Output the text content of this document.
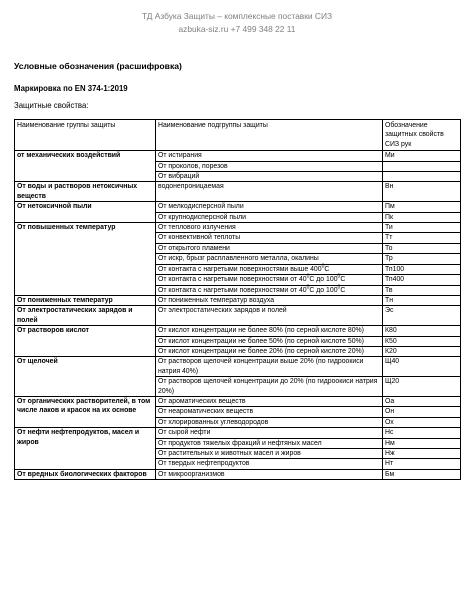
ТД Азбука Защиты – комплексные поставки СИЗ
azbuka-siz.ru +7 499 348 22 11
Условные обозначения (расшифровка)
Маркировка по EN 374-1:2019
Защитные свойства:
Наименование группы защиты	Наименование подгруппы защиты	Обозначение защитных свойств СИЗ рук
от механических воздействий	От истирания	Ми
	От проколов, порезов	
	От вибраций	
От воды и растворов нетоксичных веществ	водонепроницаемая	Вн
От нетоксичной пыли	От мелкодисперсной пыли	Пм
	От крупнодисперсной пыли	Пк
От повышенных температур	От теплового излучения	Ти
	От конвективной теплоты	Тт
	От открытого пламени	То
	От искр, брызг расплавленного металла, окалины	Тр
	От контакта с нагретыми поверхностями выше $400^0С$	Тп100
	От контакта с нагретыми поверхностями от $40^0С$ до $100^0С$	Тп400
	От контакта с нагретыми поверхностями от $40^0С$ до $100^0С$	Тв
От пониженных температур	От пониженных температур воздуха	Тн
От электростатических зарядов и полей	От электростатических зарядов и полей	Эс
От растворов кислот	От кислот концентрации не более 80% (по серной кислоте 80%)	К80
	От кислот концентрации не более 50% (по серной кислоте 50%)	К50
	От кислот концентрации не более 20% (по серной кислоте 20%)	К20
От щелочей	От растворов щелочей концентрации выше 20% (по гидроокиси натрия 40%)	Щ40
	От растворов щелочей концентрации до 20% (по гидроокиси натрия 20%)	Щ20
От органических растворителей, в том числе лаков и красок на их основе	От ароматических веществ	Оа
	От неароматических веществ	Он
	От хлорированных углеводородов	Ох
От нефти нефтепродуктов, масел и жиров	От сырой нефти	Нс
	От продуктов тяжелых фракций и нефтяных масел	Нм
	От растительных и животных масел и жиров	Нж
	От твердых нефтепродуктов	Нт
От вредных биологических факторов	От микроорганизмов	Бм
